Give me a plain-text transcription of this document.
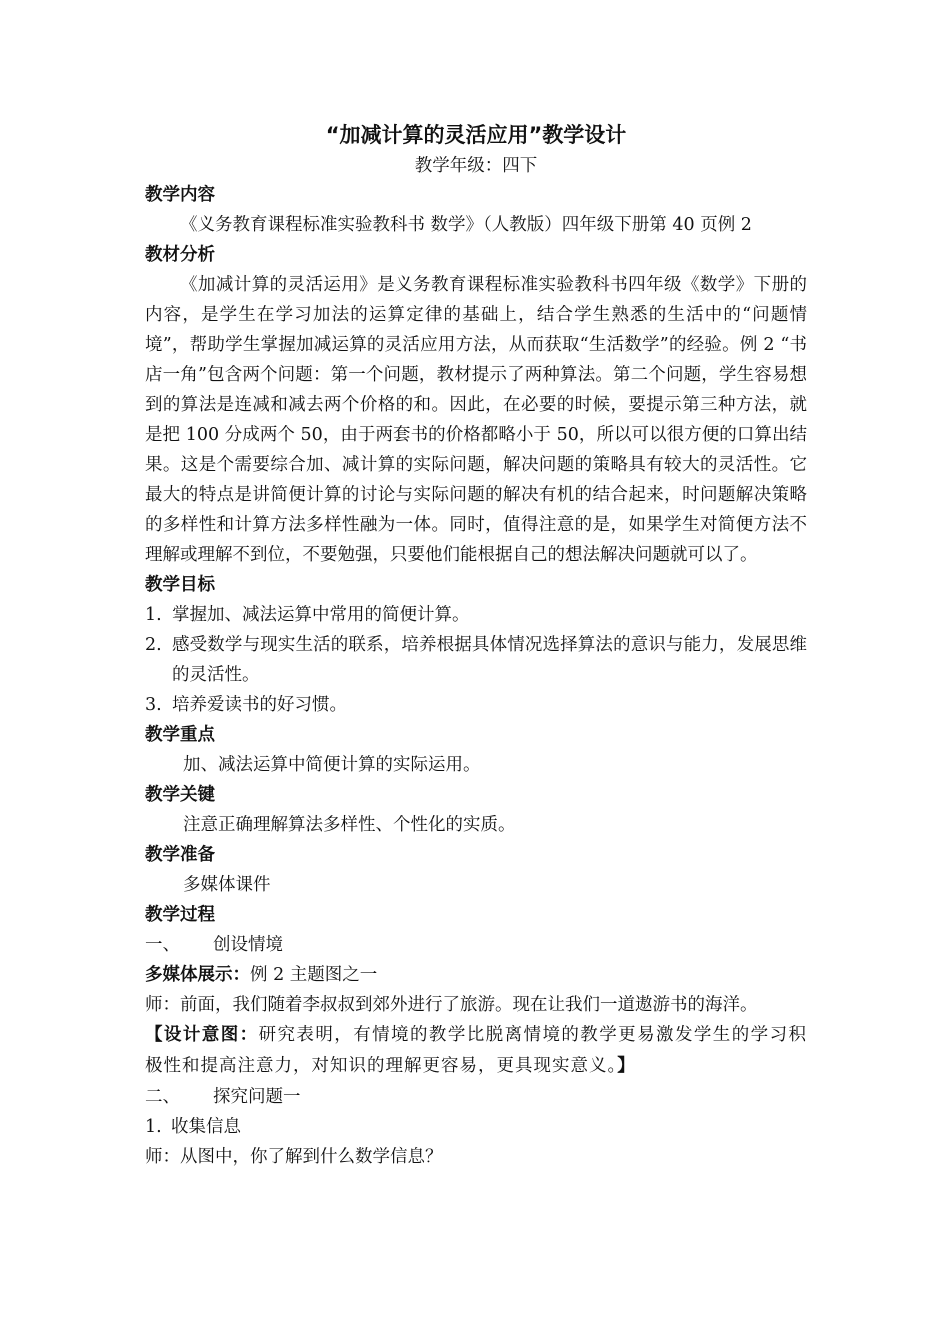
“加减计算的灵活应用”教学设计

教学年级：四下

教学内容

《义务教育课程标准实验教科书 数学》（人教版）四年级下册第 40 页例 2

教材分析

《加减计算的灵活运用》是义务教育课程标准实验教科书四年级《数学》下册的内容，是学生在学习加法的运算定律的基础上，结合学生熟悉的生活中的“问题情境”，帮助学生掌握加减运算的灵活应用方法，从而获取“生活数学”的经验。例 2 “书店一角”包含两个问题：第一个问题，教材提示了两种算法。第二个问题，学生容易想到的算法是连减和减去两个价格的和。因此，在必要的时候，要提示第三种方法，就是把 100 分成两个 50，由于两套书的价格都略小于 50，所以可以很方便的口算出结果。这是个需要综合加、减计算的实际问题，解决问题的策略具有较大的灵活性。它最大的特点是讲简便计算的讨论与实际问题的解决有机的结合起来，时问题解决策略的多样性和计算方法多样性融为一体。同时，值得注意的是，如果学生对简便方法不理解或理解不到位，不要勉强，只要他们能根据自己的想法解决问题就可以了。

教学目标

1. 掌握加、减法运算中常用的简便计算。
2. 感受数学与现实生活的联系，培养根据具体情况选择算法的意识与能力，发展思维的灵活性。
3. 培养爱读书的好习惯。

教学重点

加、减法运算中简便计算的实际运用。

教学关键

注意正确理解算法多样性、个性化的实质。

教学准备

多媒体课件

教学过程

一、 创设情境

多媒体展示：例 2 主题图之一

师：前面，我们随着李叔叔到郊外进行了旅游。现在让我们一道遨游书的海洋。

【设计意图：研究表明，有情境的教学比脱离情境的教学更易激发学生的学习积极性和提高注意力，对知识的理解更容易，更具现实意义。】

二、 探究问题一

1. 收集信息

师：从图中，你了解到什么数学信息？
